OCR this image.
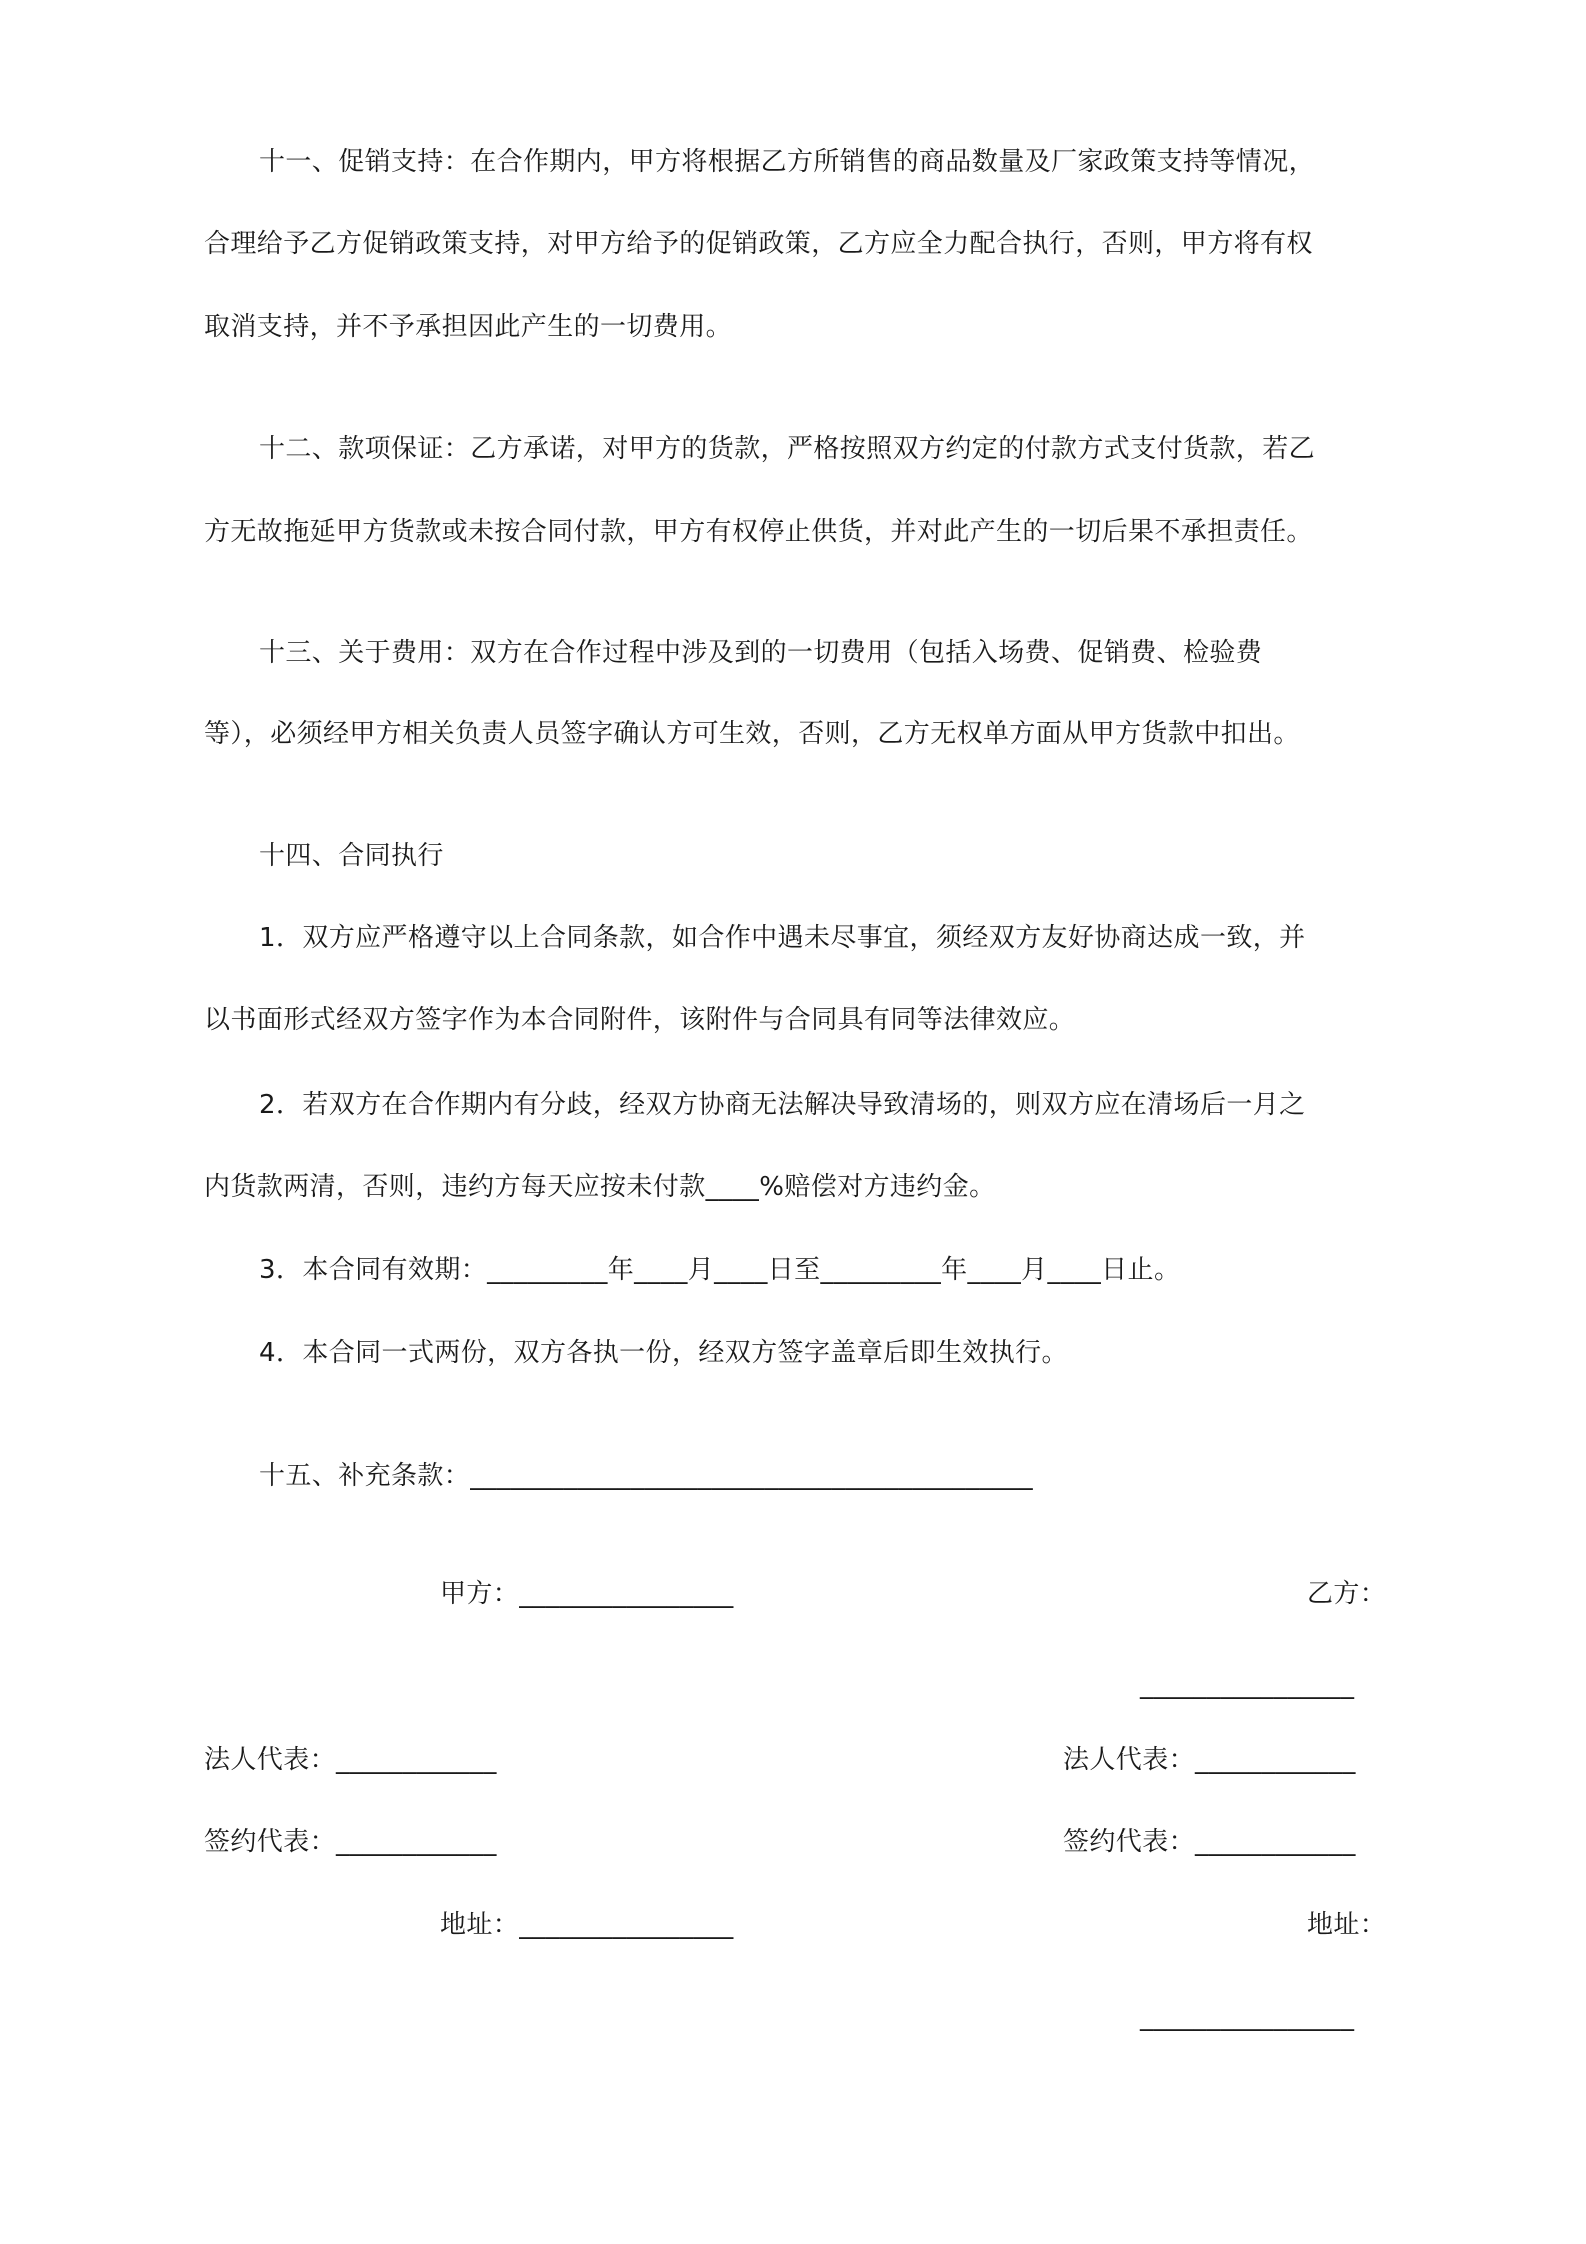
十一、促销支持：在合作期内，甲方将根据乙方所销售的商品数量及厂家政策支持等情况，
合理给予乙方促销政策支持，对甲方给予的促销政策，乙方应全力配合执行，否则，甲方将有权
取消支持，并不予承担因此产生的一切费用。
十二、款项保证：乙方承诺，对甲方的货款，严格按照双方约定的付款方式支付货款，若乙
方无故拖延甲方货款或未按合同付款，甲方有权停止供货，并对此产生的一切后果不承担责任。
十三、关于费用：双方在合作过程中涉及到的一切费用（包括入场费、促销费、检验费
等），必须经甲方相关负责人员签字确认方可生效，否则，乙方无权单方面从甲方货款中扣出。
十四、合同执行
1．双方应严格遵守以上合同条款，如合作中遇未尽事宜，须经双方友好协商达成一致，并
以书面形式经双方签字作为本合同附件，该附件与合同具有同等法律效应。
2．若双方在合作期内有分歧，经双方协商无法解决导致清场的，则双方应在清场后一月之
内货款两清，否则，违约方每天应按未付款____%赔偿对方违约金。
3．本合同有效期：_________年____月____日至_________年____月____日止。
4．本合同一式两份，双方各执一份，经双方签字盖章后即生效执行。
十五、补充条款：__________________________________________
甲方：________________	乙方：
________________
法人代表：____________	法人代表：____________
签约代表：____________	签约代表：____________
地址：________________	地址：
________________
